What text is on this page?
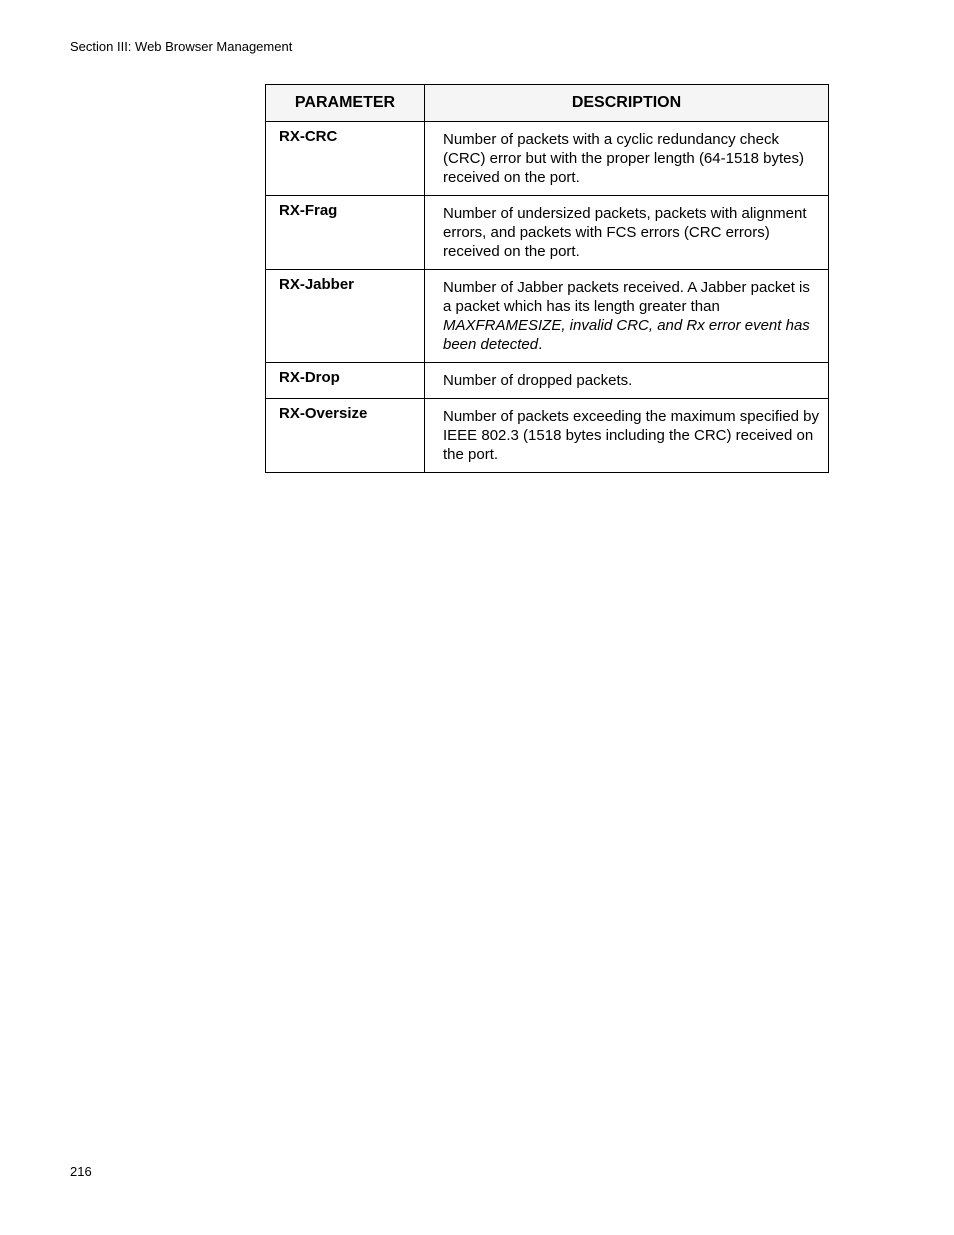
Section III: Web Browser Management
PARAMETER	DESCRIPTION
RX-CRC	Number of packets with a cyclic redundancy check (CRC) error but with the proper length (64-1518 bytes) received on the port.
RX-Frag	Number of undersized packets, packets with alignment errors, and packets with FCS errors (CRC errors) received on the port.
RX-Jabber	Number of Jabber packets received. A Jabber packet is a packet which has its length greater than MAXFRAMESIZE, invalid CRC, and Rx error event has been detected.
RX-Drop	Number of dropped packets.
RX-Oversize	Number of packets exceeding the maximum specified by IEEE 802.3 (1518 bytes including the CRC) received on the port.
216
